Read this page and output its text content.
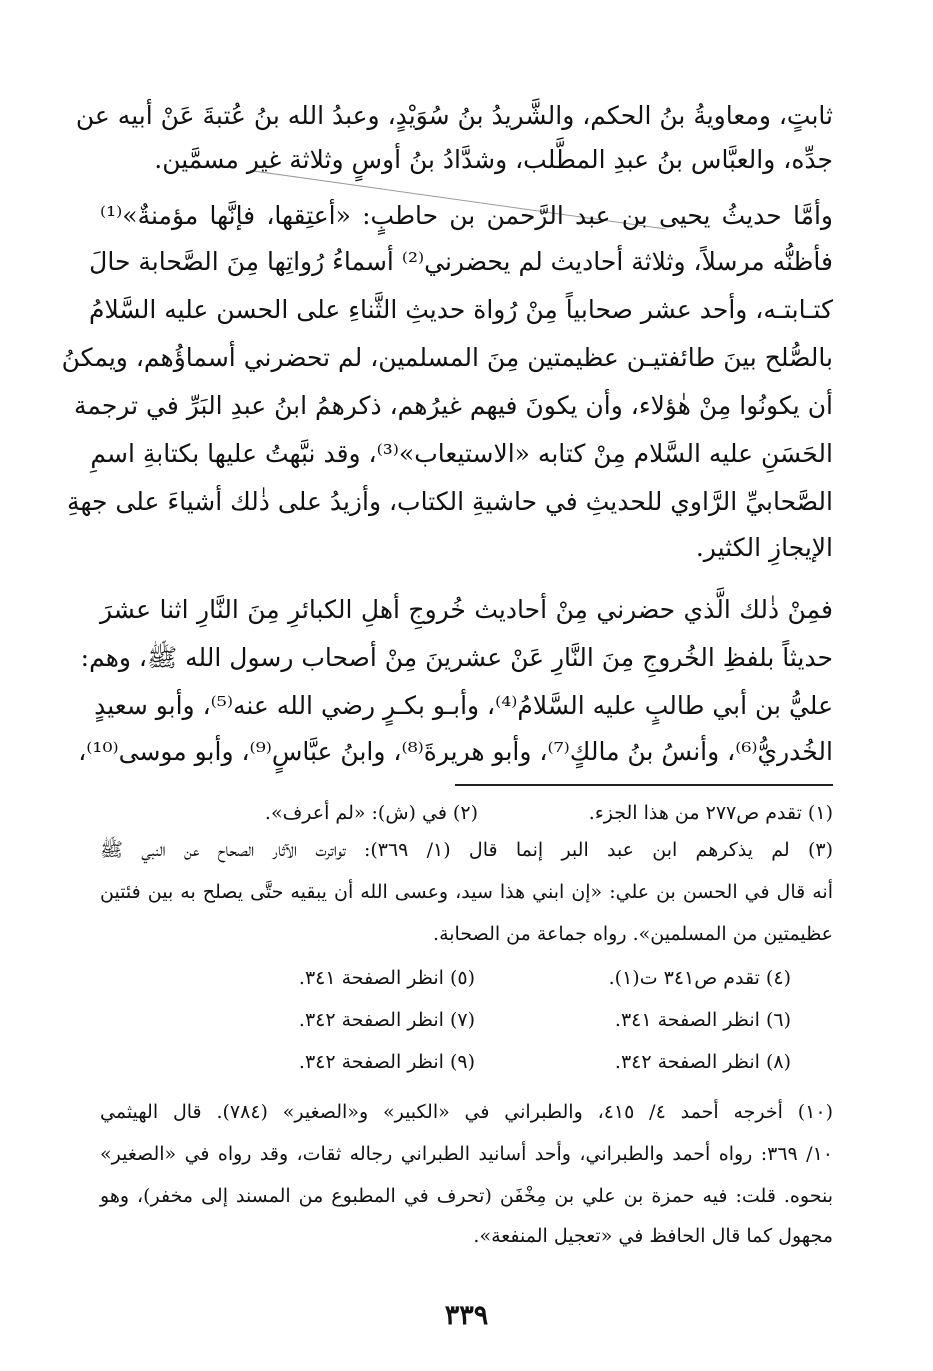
ثابتٍ، ومعاويةُ بنُ الحكم، والشَّريدُ بنُ سُوَيْدٍ، وعبدُ الله بنُ عُتبةَ عَنْ أبيه عن
جدِّه، والعبَّاس بنُ عبدِ المطَّلب، وشدَّادُ بنُ أوسٍ وثلاثة غير مسمَّين.
وأمَّا حديثُ يحيى بن عبد الرَّحمن بن حاطبٍ: «أعتِقها، فإنَّها مؤمنةٌ»⁽¹⁾
فأظنُّه مرسلاً، وثلاثة أحاديث لم يحضرني⁽²⁾ أسماءُ رُواتِها مِنَ الصَّحابة حالَ
كتـابتـه، وأحد عشر صحابياً مِنْ رُواة حديثِ الثَّناءِ على الحسن عليه السَّلامُ
بالصُّلح بينَ طائفتيـن عظيمتين مِنَ المسلمين، لم تحضرني أسماؤُهم، ويمكنُ
أن يكونُوا مِنْ هٰؤلاء، وأن يكونَ فيهم غيرُهم، ذكرهمُ ابنُ عبدِ البَرِّ في ترجمة
الحَسَنِ عليه السَّلام مِنْ كتابه «الاستيعاب»⁽³⁾، وقد نبَّهتُ عليها بكتابةِ اسمِ
الصَّحابيِّ الرَّاوي للحديثِ في حاشيةِ الكتاب، وأزيدُ على ذٰلك أشياءَ على جهةِ
الإيجازِ الكثير.
فمِنْ ذٰلك الَّذي حضرني مِنْ أحاديث خُروجِ أهلِ الكبائرِ مِنَ النَّارِ اثنا عشرَ
حديثاً بلفظِ الخُروجِ مِنَ النَّارِ عَنْ عشرينَ مِنْ أصحاب رسول الله ﷺ، وهم:
عليُّ بن أبي طالبٍ عليه السَّلامُ⁽⁴⁾، وأبـو بكـرٍ رضي الله عنه⁽⁵⁾، وأبو سعيدٍ
الخُدريُّ⁽⁶⁾، وأنسُ بنُ مالكٍ⁽⁷⁾، وأبو هريرةَ⁽⁸⁾، وابنُ عبَّاسٍ⁽⁹⁾، وأبو موسى⁽¹⁰⁾،
(١) تقدم ص٢٧٧ من هذا الجزء.
(٢) في (ش): «لم أعرف».
(٣) لم يذكرهم ابن عبد البر إنما قال (١/ ٣٦٩): تواترت الآثار الصحاح عن النبي ﷺ
أنه قال في الحسن بن علي: «إن ابني هذا سيد، وعسى الله أن يبقيه حتَّى يصلح به بين فئتين
عظيمتين من المسلمين». رواه جماعة من الصحابة.
(٤) تقدم ص٣٤١ ت(١).
(٥) انظر الصفحة ٣٤١.
(٦) انظر الصفحة ٣٤١.
(٧) انظر الصفحة ٣٤٢.
(٨) انظر الصفحة ٣٤٢.
(٩) انظر الصفحة ٣٤٢.
(١٠) أخرجه أحمد ٤/ ٤١٥، والطبراني في «الكبير» و«الصغير» (٧٨٤). قال الهيثمي
١٠/ ٣٦٩: رواه أحمد والطبراني، وأحد أسانيد الطبراني رجاله ثقات، وقد رواه في «الصغير»
بنحوه. قلت: فيه حمزة بن علي بن مِخْفَن (تحرف في المطبوع من المسند إلى مخفر)، وهو
مجهول كما قال الحافظ في «تعجيل المنفعة».
٣٣٩
